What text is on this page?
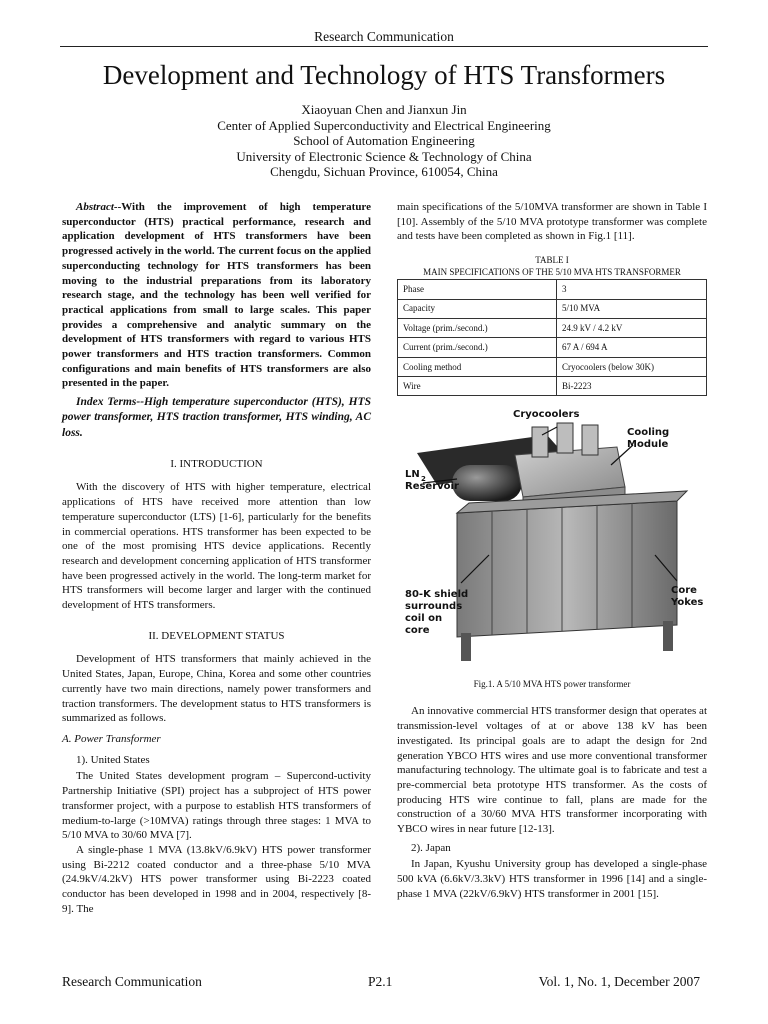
Research Communication
Development and Technology of HTS Transformers
Xiaoyuan Chen and Jianxun Jin
Center of Applied Superconductivity and Electrical Engineering
School of Automation Engineering
University of Electronic Science & Technology of China
Chengdu, Sichuan Province, 610054, China

Abstract--With the improvement of high temperature superconductor (HTS) practical performance, research and application development of HTS transformers have been progressed actively in the world. The current focus on the applied superconducting technology for HTS transformers has been moving to the industrial preparations from its laboratory research stage, and the technology has been well verified for practical applications from small to large scales. This paper provides a comprehensive and analytic summary on the development of HTS transformers with regard to various HTS power transformers and HTS traction transformers. Common configurations and main benefits of HTS transformers are also presented in the paper.

Index Terms--High temperature superconductor (HTS), HTS power transformer, HTS traction transformer, HTS winding, AC loss.

I. INTRODUCTION

With the discovery of HTS with higher temperature, electrical applications of HTS have received more attention than low temperature superconductor (LTS) [1-6], particularly for the benefits in commercial operations. HTS transformer has been expected to be one of the most promising HTS device applications. Recently research and development concerning application of HTS transformer have been progressed actively in the world. The long-term market for HTS transformers will become larger and larger with the continued development of HTS transformers.

II. DEVELOPMENT STATUS

Development of HTS transformers that mainly achieved in the United States, Japan, Europe, China, Korea and some other countries currently have two main directions, namely power transformers and traction transformers. The development status to HTS transformers is summarized as follows.

A. Power Transformer
1). United States

The United States development program – Supercond-uctivity Partnership Initiative (SPI) project has a subproject of HTS power transformer project, with a purpose to establish HTS transformers of medium-to-large (>10MVA) ratings through three stages: 1 MVA to 5/10 MVA to 30/60 MVA [7].

A single-phase 1 MVA (13.8kV/6.9kV) HTS power transformer using Bi-2212 coated conductor and a three-phase 5/10 MVA (24.9kV/4.2kV) HTS power transformer using Bi-2223 coated conductor has been developed in 1998 and in 2004, respectively [8-9]. The

main specifications of the 5/10MVA transformer are shown in Table I [10]. Assembly of the 5/10 MVA prototype transformer was complete and tests have been completed as shown in Fig.1 [11].

TABLE I
MAIN SPECIFICATIONS OF THE 5/10 MVA HTS TRANSFORMER
Phase	3
Capacity	5/10 MVA
Voltage (prim./second.)	24.9 kV / 4.2 kV
Current (prim./second.)	67 A / 694 A
Cooling method	Cryocoolers (below 30K)
Wire	Bi-2223
Cryocoolers
Cooling
Module
LN 2
Reservoir
80-K shield
surrounds
coil on
core
Core
Yokes
Fig.1. A 5/10 MVA HTS power transformer

An innovative commercial HTS transformer design that operates at transmission-level voltages of at or above 138 kV has been investigated. Its principal goals are to adapt the design for 2nd generation YBCO HTS wires and use more conventional transformer manufacturing technology. The ultimate goal is to fabricate and test a pre-commercial beta prototype HTS transformer. As the costs of producing HTS wire continue to fall, plans are made for the construction of a 30/60 MVA HTS transformer incorporating with YBCO wires in near future [12-13].

2). Japan

In Japan, Kyushu University group has developed a single-phase 500 kVA (6.6kV/3.3kV) HTS transformer in 1996 [14] and a single-phase 1 MVA (22kV/6.9kV) HTS transformer in 2001 [15].

Research Communication	P2.1	Vol. 1, No. 1, December 2007
